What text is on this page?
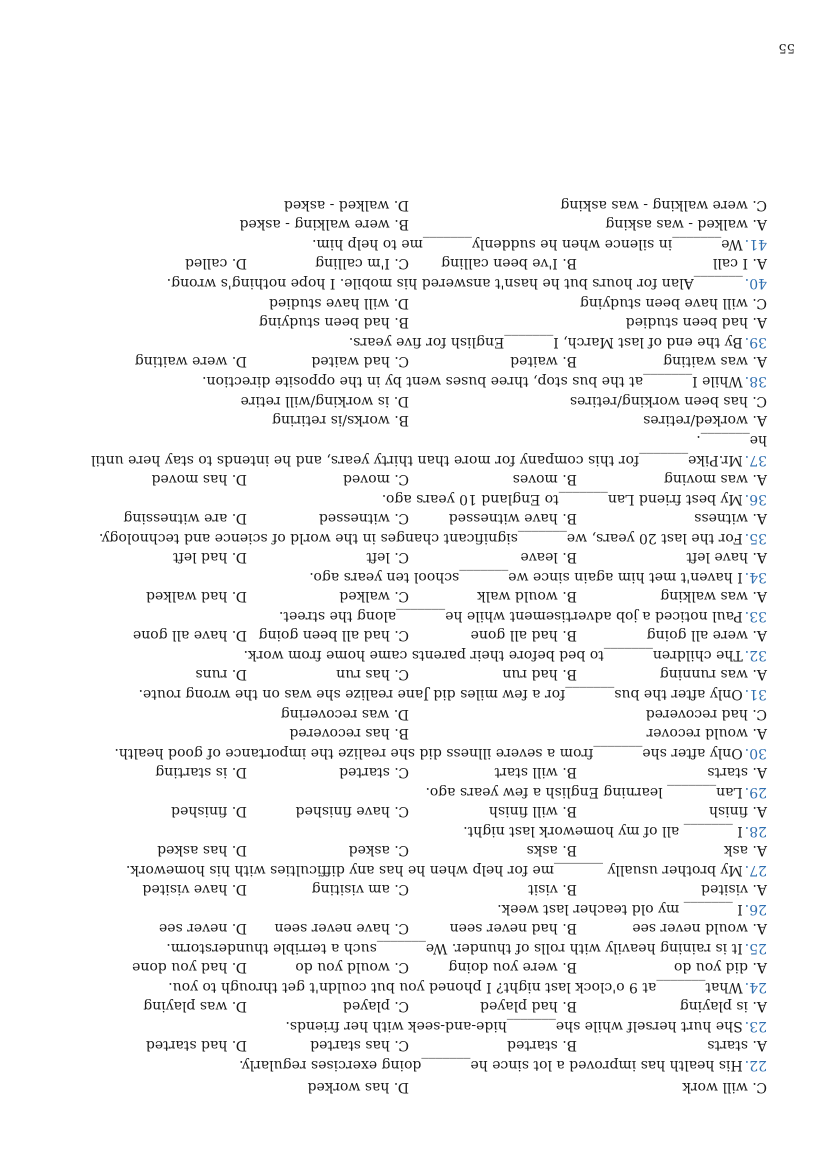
C. will work
D. has worked
22.His health has improved a lot since he_______doing exercises regularly.
A. starts
B. started
C. has started
D. had started
23.She hurt herself while she_______hide-and-seek with her friends.
A. is playing
B. had played
C. played
D. was playing
24.What_______at 9 o'clock last night? I phoned you but couldn't get through to you.
A. did you do
B. were you doing
C. would you do
D. had you done
25.It is raining heavily with rolls of thunder. We_______such a terrible thunderstorm.
A. would never see
B. had never seen
C. have never seen
D. never see
26.I _______ my old teacher last week.
A. visited
B. visit
C. am visiting
D. have visited
27.My brother usually _______me for help when he has any difficulties with his homework.
A. ask
B. asks
C. asked
D. has asked
28.I _______ all of my homework last night.
A. finish
B. will finish
C. have finished
D. finished
29.Lan_______ learning English a few years ago.
A. starts
B. will start
C. started
D. is starting
30.Only after she_______from a severe illness did she realize the importance of good health.
A. would recover
B. has recovered
C. had recovered
D. was recovering
31.Only after the bus_______for a few miles did Jane realize she was on the wrong route.
A. was running
B. had run
C. has run
D. runs
32.The children_______to bed before their parents came home from work.
A. were all going
B. had all gone
C. had all been going
D. have all gone
33.Paul noticed a job advertisement while he_______along the street.
A. was walking
B. would walk
C. walked
D. had walked
34.I haven't met him again since we_______school ten years ago.
A. have left
B. leave
C. left
D. had left
35.For the last 20 years, we_______significant changes in the world of science and technology.
A. witness
B. have witnessed
C. witnessed
D. are witnessing
36.My best friend Lan_______to England 10 years ago.
A. was moving
B. moves
C. moved
D. has moved
37.Mr.Pike_______for this company for more than thirty years, and he intends to stay here until
he_______.
A. worked/retires
B. works/is retiring
C. has been working/retires
D. is working/will retire
38.While I_______at the bus stop, three buses went by in the opposite direction.
A. was waiting
B. waited
C. had waited
D. were waiting
39.By the end of last March, I_______English for five years.
A. had been studied
B. had been studying
C. will have been studying
D. will have studied
40._______Alan for hours but he hasn't answered his mobile. I hope nothing's wrong.
A. I call
B. I've been calling
C. I'm calling
D. called
41.We_______in silence when he suddenly_______me to help him.
A. walked - was asking
B. were walking - asked
C. were walking - was asking
D. walked - asked
55
